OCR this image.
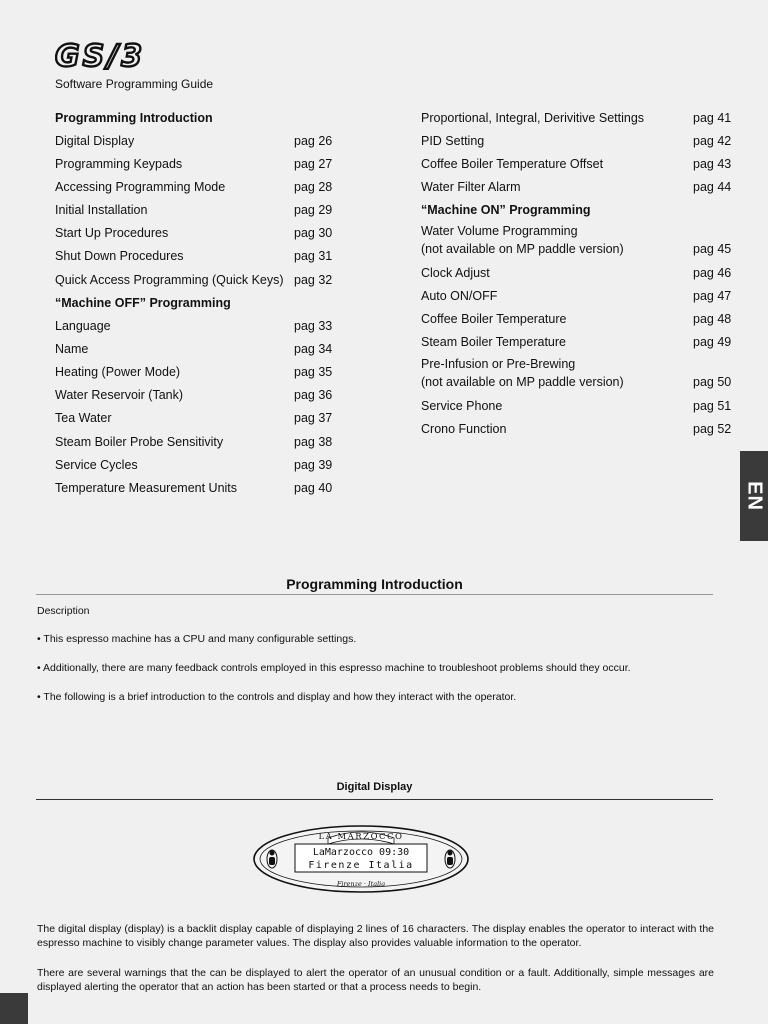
GS/3
Software Programming Guide
Programming Introduction
Digital Display	pag 26
Programming Keypads	pag 27
Accessing Programming Mode	pag 28
Initial Installation	pag 29
Start Up Procedures	pag 30
Shut Down Procedures	pag 31
Quick Access Programming (Quick Keys) pag 32
“Machine OFF” Programming
Language	pag 33
Name	pag 34
Heating (Power Mode)	pag 35
Water Reservoir (Tank)	pag 36
Tea Water	pag 37
Steam Boiler Probe Sensitivity	pag 38
Service Cycles	pag 39
Temperature Measurement Units	pag 40
Proportional, Integral, Derivitive Settings	pag 41
PID Setting	pag 42
Coffee Boiler Temperature Offset	pag 43
Water Filter Alarm	pag 44
“Machine ON” Programming
Water Volume Programming
(not available on MP paddle version)	pag 45
Clock Adjust	pag 46
Auto ON/OFF	pag 47
Coffee Boiler Temperature	pag 48
Steam Boiler Temperature	pag 49
Pre-Infusion or Pre-Brewing
(not available on MP paddle version)	pag 50
Service Phone	pag 51
Crono Function	pag 52
EN
Programming Introduction
Description
• This espresso machine has a CPU and many configurable settings.
• Additionally, there are many feedback controls employed in this espresso machine to troubleshoot problems should they occur.
• The following is a brief introduction to the controls and display and how they interact with the operator.
Digital Display
LA·MARZOCCO
LaMarzocco 09:30
Firenze Italia
Firenze · Italia
The digital display (display) is a backlit display capable of displaying 2 lines of 16 characters. The display enables the operator to interact with the espresso machine to visibly change parameter values. The display also provides valuable information to the operator.
There are several warnings that the can be displayed to alert the operator of an unusual condition or a fault. Additionally, simple messages are displayed alerting the operator that an action has been started or that a process needs to begin.
